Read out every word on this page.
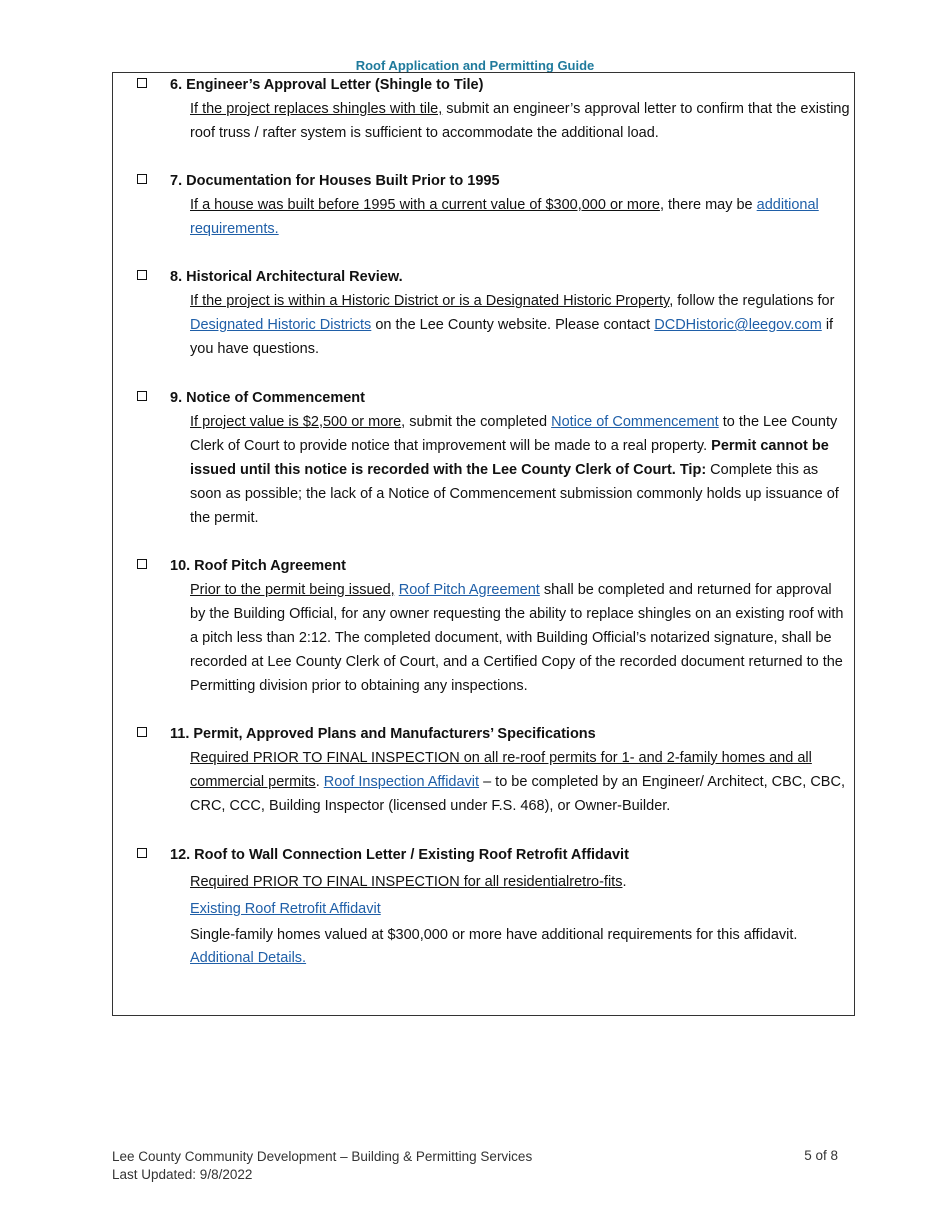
Roof Application and Permitting Guide
6. Engineer’s Approval Letter (Shingle to Tile)
If the project replaces shingles with tile, submit an engineer’s approval letter to confirm that the existing roof truss / rafter system is sufficient to accommodate the additional load.
7. Documentation for Houses Built Prior to 1995
If a house was built before 1995 with a current value of $300,000 or more, there may be additional requirements.
8. Historical Architectural Review.
If the project is within a Historic District or is a Designated Historic Property, follow the regulations for Designated Historic Districts on the Lee County website. Please contact DCDHistoric@leegov.com if you have questions.
9. Notice of Commencement
If project value is $2,500 or more, submit the completed Notice of Commencement to the Lee County Clerk of Court to provide notice that improvement will be made to a real property. Permit cannot be issued until this notice is recorded with the Lee County Clerk of Court. Tip: Complete this as soon as possible; the lack of a Notice of Commencement submission commonly holds up issuance of the permit.
10. Roof Pitch Agreement
Prior to the permit being issued, Roof Pitch Agreement shall be completed and returned for approval by the Building Official, for any owner requesting the ability to replace shingles on an existing roof with a pitch less than 2:12. The completed document, with Building Official’s notarized signature, shall be recorded at Lee County Clerk of Court, and a Certified Copy of the recorded document returned to the Permitting division prior to obtaining any inspections.
11. Permit, Approved Plans and Manufacturers’ Specifications
Required PRIOR TO FINAL INSPECTION on all re-roof permits for 1- and 2-family homes and all commercial permits. Roof Inspection Affidavit – to be completed by an Engineer/ Architect, CBC, CBC, CRC, CCC, Building Inspector (licensed under F.S. 468), or Owner-Builder.
12. Roof to Wall Connection Letter / Existing Roof Retrofit Affidavit

Required PRIOR TO FINAL INSPECTION for all residentialretro-fits.

Existing Roof Retrofit Affidavit

Single-family homes valued at $300,000 or more have additional requirements for this affidavit.

Additional Details.

Lee County Community Development – Building & Permitting Services
Last Updated: 9/8/2022
5 of 8
